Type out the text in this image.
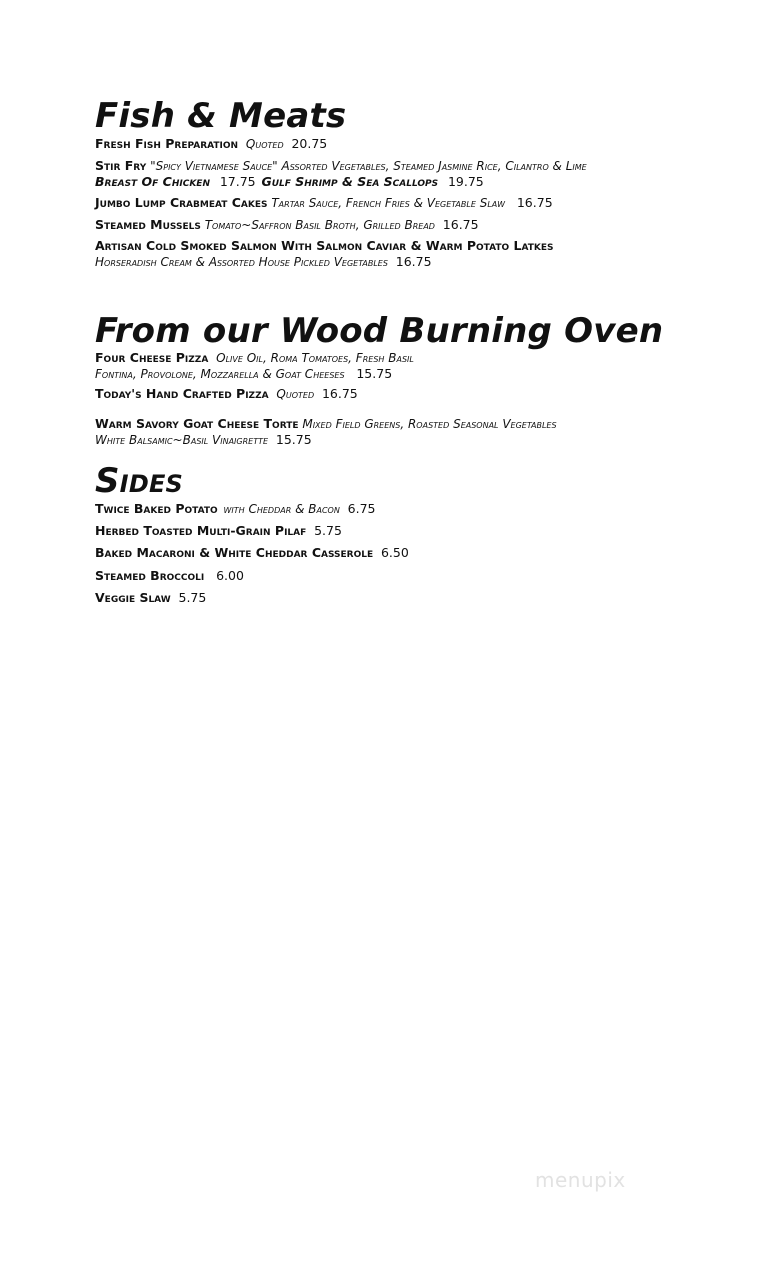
Fish & Meats
Fresh Fish Preparation Quoted 20.75
Stir Fry "Spicy Vietnamese Sauce" Assorted Vegetables, Steamed Jasmine Rice, Cilantro & Lime
Breast Of Chicken 17.75 Gulf Shrimp & Sea Scallops 19.75
Jumbo Lump Crabmeat Cakes Tartar Sauce, French Fries & Vegetable Slaw 16.75
Steamed Mussels Tomato~Saffron Basil Broth, Grilled Bread 16.75
Artisan Cold Smoked Salmon With Salmon Caviar & Warm Potato Latkes
Horseradish Cream & Assorted House Pickled Vegetables 16.75
From our Wood Burning Oven
Four Cheese Pizza Olive Oil, Roma Tomatoes, Fresh Basil
Fontina, Provolone, Mozzarella & Goat Cheeses 15.75
Today's Hand Crafted Pizza Quoted 16.75
Warm Savory Goat Cheese Torte Mixed Field Greens, Roasted Seasonal Vegetables
White Balsamic~Basil Vinaigrette 15.75
Sides
Twice Baked Potato with Cheddar & Bacon 6.75
Herbed Toasted Multi-Grain Pilaf 5.75
Baked Macaroni & White Cheddar Casserole 6.50
Steamed Broccoli 6.00
Veggie Slaw 5.75
menupix
